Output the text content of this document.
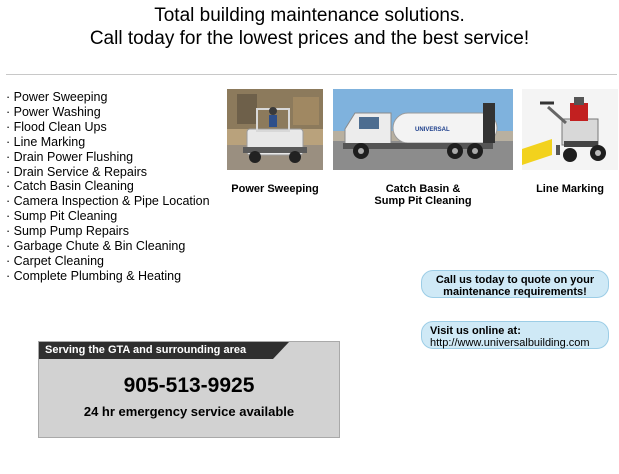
Total building maintenance solutions.
Call today for the lowest prices and the best service!
· Power Sweeping
· Power Washing
· Flood Clean Ups
· Line Marking
· Drain Power Flushing
· Drain Service & Repairs
· Catch Basin Cleaning
· Camera Inspection & Pipe Location
· Sump Pit Cleaning
· Sump Pump Repairs
· Garbage Chute & Bin Cleaning
· Carpet Cleaning
· Complete Plumbing & Heating
UNIVERSAL
Power Sweeping	Catch Basin &
Sump Pit Cleaning
Line Marking
Call us today to quote on your
maintenance requirements!
Visit us online at:
http://www.universalbuilding.com
Serving the GTA and surrounding area
905-513-9925
24 hr emergency service available
